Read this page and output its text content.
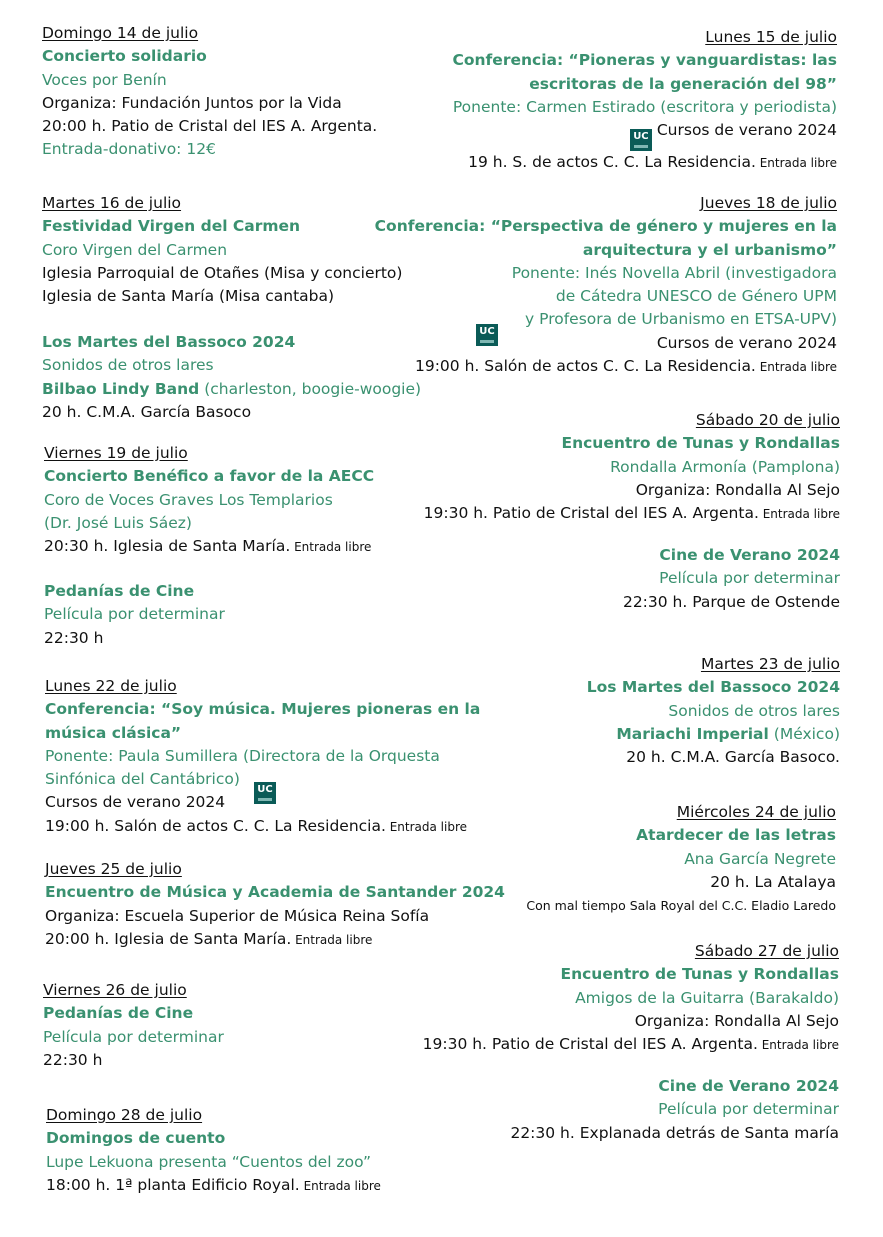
Domingo 14 de julio
Concierto solidario
Voces por Benín
Organiza: Fundación Juntos por la Vida
20:00 h. Patio de Cristal del IES A. Argenta.
Entrada-donativo: 12€
Martes 16 de julio
Festividad Virgen del Carmen
Coro Virgen del Carmen
Iglesia Parroquial de Otañes (Misa y concierto)
Iglesia de Santa María (Misa cantaba)
Los Martes del Bassoco 2024
Sonidos de otros lares
Bilbao Lindy Band (charleston, boogie-woogie)
20 h. C.M.A. García Basoco
Viernes 19 de julio
Concierto Benéfico a favor de la AECC
Coro de Voces Graves Los Templarios
(Dr. José Luis Sáez)
20:30 h. Iglesia de Santa María. Entrada libre
Pedanías de Cine
Película por determinar
22:30 h
Lunes 22 de julio
Conferencia: “Soy música. Mujeres pioneras en la
música clásica”
Ponente: Paula Sumillera (Directora de la Orquesta
Sinfónica del Cantábrico)
Cursos de verano 2024
19:00 h. Salón de actos C. C. La Residencia. Entrada libre
UC
Jueves 25 de julio
Encuentro de Música y Academia de Santander 2024
Organiza: Escuela Superior de Música Reina Sofía
20:00 h. Iglesia de Santa María. Entrada libre
Viernes 26 de julio
Pedanías de Cine
Película por determinar
22:30 h
Domingo 28 de julio
Domingos de cuento
Lupe Lekuona presenta “Cuentos del zoo”
18:00 h. 1ª planta Edificio Royal. Entrada libre
Lunes 15 de julio
Conferencia: “Pioneras y vanguardistas: las
escritoras de la generación del 98”
Ponente: Carmen Estirado (escritora y periodista)
UC Cursos de verano 2024
19 h. S. de actos C. C. La Residencia. Entrada libre
Jueves 18 de julio
Conferencia: “Perspectiva de género y mujeres en la
arquitectura y el urbanismo”
Ponente: Inés Novella Abril (investigadora
de Cátedra UNESCO de Género UPM
y Profesora de Urbanismo en ETSA-UPV)
Cursos de verano 2024
19:00 h. Salón de actos C. C. La Residencia. Entrada libre
UC
Sábado 20 de julio
Encuentro de Tunas y Rondallas
Rondalla Armonía (Pamplona)
Organiza: Rondalla Al Sejo
19:30 h. Patio de Cristal del IES A. Argenta. Entrada libre
Cine de Verano 2024
Película por determinar
22:30 h. Parque de Ostende
Martes 23 de julio
Los Martes del Bassoco 2024
Sonidos de otros lares
Mariachi Imperial (México)
20 h. C.M.A. García Basoco.
Miércoles 24 de julio
Atardecer de las letras
Ana García Negrete
20 h. La Atalaya
Con mal tiempo Sala Royal del C.C. Eladio Laredo
Sábado 27 de julio
Encuentro de Tunas y Rondallas
Amigos de la Guitarra (Barakaldo)
Organiza: Rondalla Al Sejo
19:30 h. Patio de Cristal del IES A. Argenta. Entrada libre
Cine de Verano 2024
Película por determinar
22:30 h. Explanada detrás de Santa maría
